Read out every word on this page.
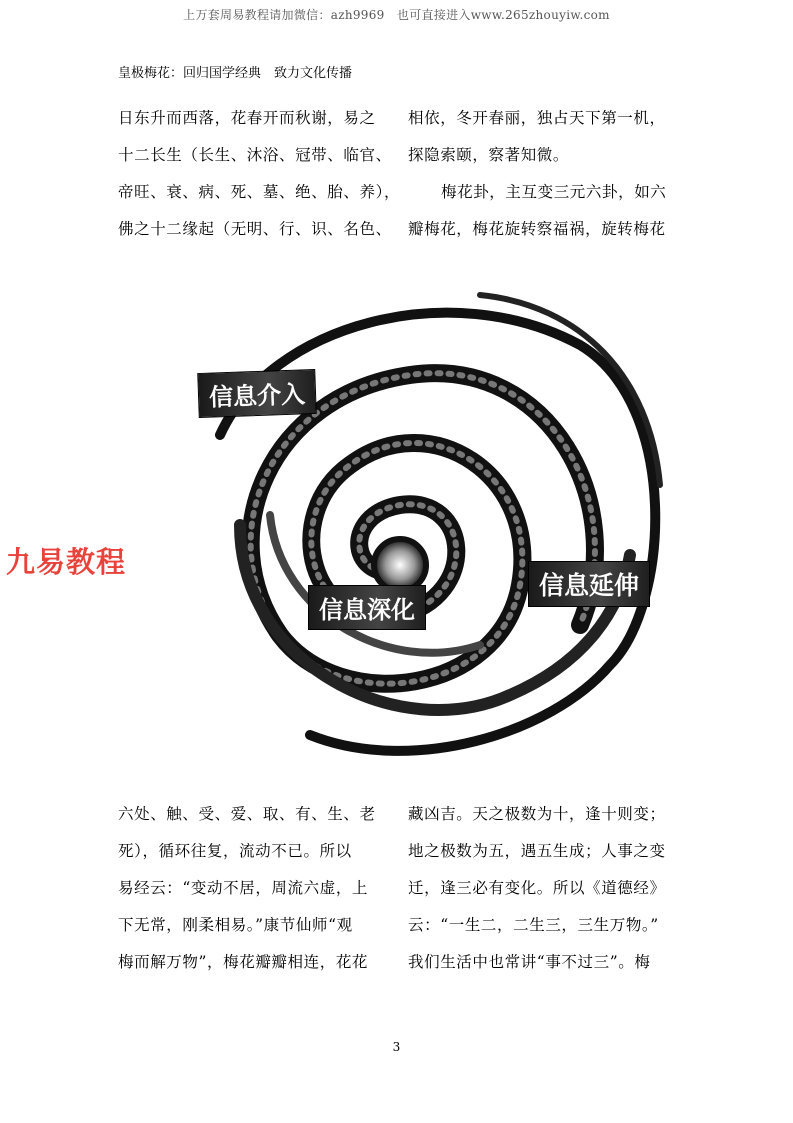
上万套周易教程请加微信：azh9969　也可直接进入www.265zhouyiw.com
皇极梅花：回归国学经典　致力文化传播
日东升而西落，花春开而秋谢，易之
十二长生（长生、沐浴、冠带、临官、
帝旺、衰、病、死、墓、绝、胎、养），
佛之十二缘起（无明、行、识、名色、
相依，冬开春丽，独占天下第一机，
探隐索颐，察著知微。
梅花卦，主互变三元六卦，如六
瓣梅花，梅花旋转察福祸，旋转梅花
信息介入
信息延伸
信息深化
九易教程
六处、触、受、爱、取、有、生、老
死），循环往复，流动不已。所以
易经云：“变动不居，周流六虚，上
下无常，刚柔相易。”康节仙师“观
梅而解万物”，梅花瓣瓣相连，花花
藏凶吉。天之极数为十，逢十则变；
地之极数为五，遇五生成；人事之变
迁，逢三必有变化。所以《道德经》
云：“一生二，二生三，三生万物。”
我们生活中也常讲“事不过三”。梅
3
